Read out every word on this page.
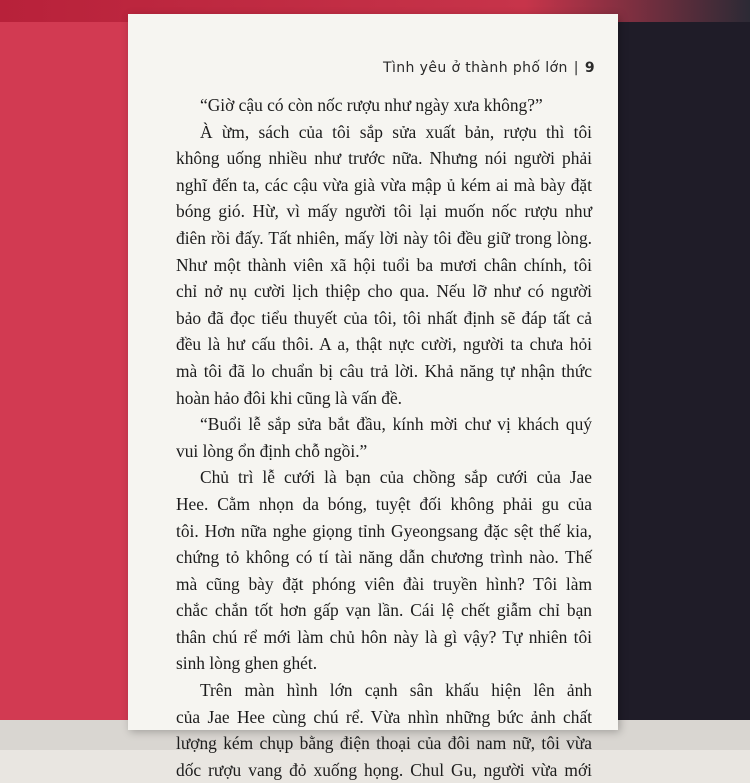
Tình yêu ở thành phố lớn | 9
“Giờ cậu có còn nốc rượu như ngày xưa không?”
À ừm, sách của tôi sắp sửa xuất bản, rượu thì tôi
không uống nhiều như trước nữa. Nhưng nói người phải
nghĩ đến ta, các cậu vừa già vừa mập ủ kém ai mà bày đặt
bóng gió. Hừ, vì mấy người tôi lại muốn nốc rượu như
điên rồi đấy. Tất nhiên, mấy lời này tôi đều giữ trong lòng.
Như một thành viên xã hội tuổi ba mươi chân chính, tôi
chỉ nở nụ cười lịch thiệp cho qua. Nếu lỡ như có người
bảo đã đọc tiểu thuyết của tôi, tôi nhất định sẽ đáp tất cả
đều là hư cấu thôi. A a, thật nực cười, người ta chưa hỏi
mà tôi đã lo chuẩn bị câu trả lời. Khả năng tự nhận thức
hoàn hảo đôi khi cũng là vấn đề.
“Buổi lễ sắp sửa bắt đầu, kính mời chư vị khách quý
vui lòng ổn định chỗ ngồi.”
Chủ trì lễ cưới là bạn của chồng sắp cưới của Jae
Hee. Cằm nhọn da bóng, tuyệt đối không phải gu của
tôi. Hơn nữa nghe giọng tỉnh Gyeongsang đặc sệt thế kia,
chứng tỏ không có tí tài năng dẫn chương trình nào. Thế
mà cũng bày đặt phóng viên đài truyền hình? Tôi làm
chắc chắn tốt hơn gấp vạn lần. Cái lệ chết giẫm chỉ bạn
thân chú rể mới làm chủ hôn này là gì vậy? Tự nhiên tôi
sinh lòng ghen ghét.
Trên màn hình lớn cạnh sân khấu hiện lên ảnh
của Jae Hee cùng chú rể. Vừa nhìn những bức ảnh chất
lượng kém chụp bằng điện thoại của đôi nam nữ, tôi vừa
dốc rượu vang đỏ xuống họng. Chul Gu, người vừa mới
